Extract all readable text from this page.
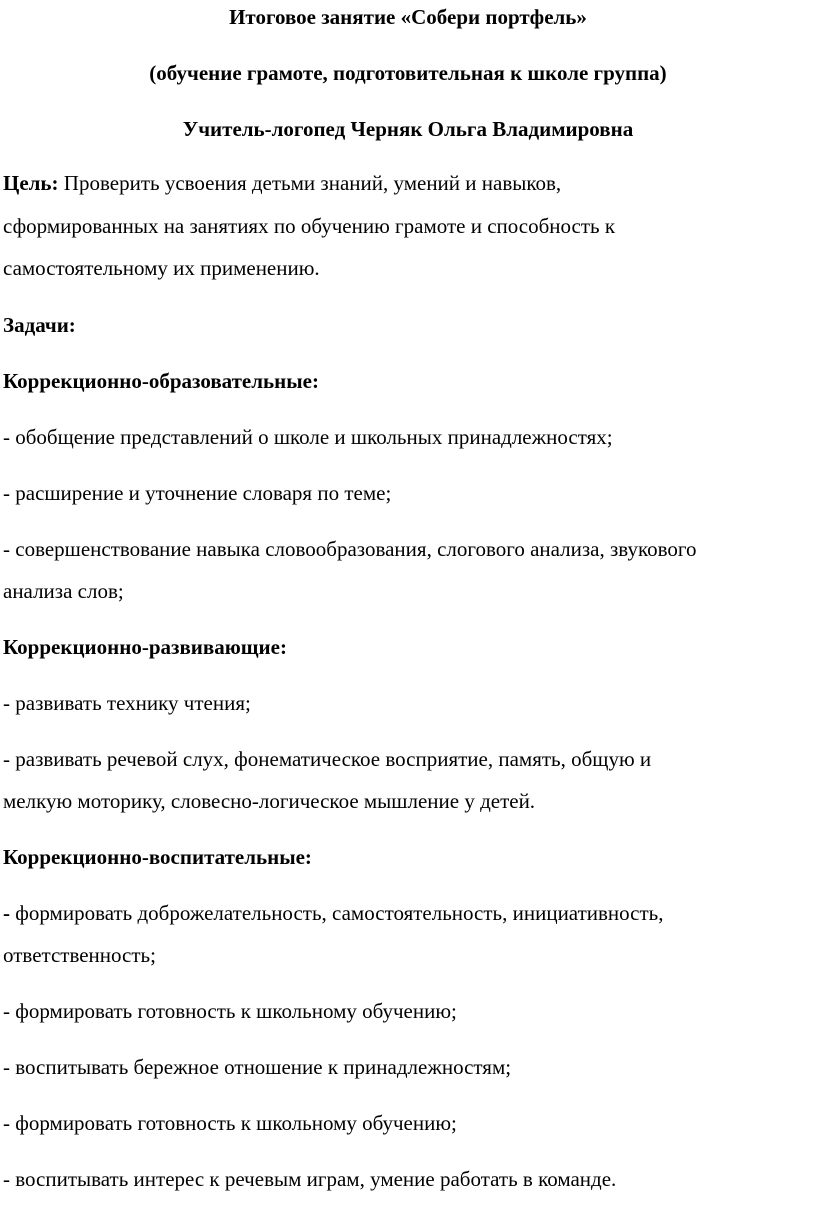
Итоговое занятие «Собери портфель»
(обучение грамоте, подготовительная к школе группа)
Учитель-логопед Черняк Ольга Владимировна
Цель: Проверить усвоения детьми знаний, умений и навыков,
сформированных на занятиях по обучению грамоте и способность к
самостоятельному их применению.
Задачи:
Коррекционно-образовательные:
- обобщение представлений о школе и школьных принадлежностях;
- расширение и уточнение словаря по теме;
- совершенствование навыка словообразования, слогового анализа, звукового
анализа слов;
Коррекционно-развивающие:
- развивать технику чтения;
- развивать речевой слух, фонематическое восприятие, память, общую и
мелкую моторику, словесно-логическое мышление у детей.
Коррекционно-воспитательные:
- формировать доброжелательность, самостоятельность, инициативность,
ответственность;
- формировать готовность к школьному обучению;
- воспитывать бережное отношение к принадлежностям;
- формировать готовность к школьному обучению;
- воспитывать интерес к речевым играм, умение работать в команде.
